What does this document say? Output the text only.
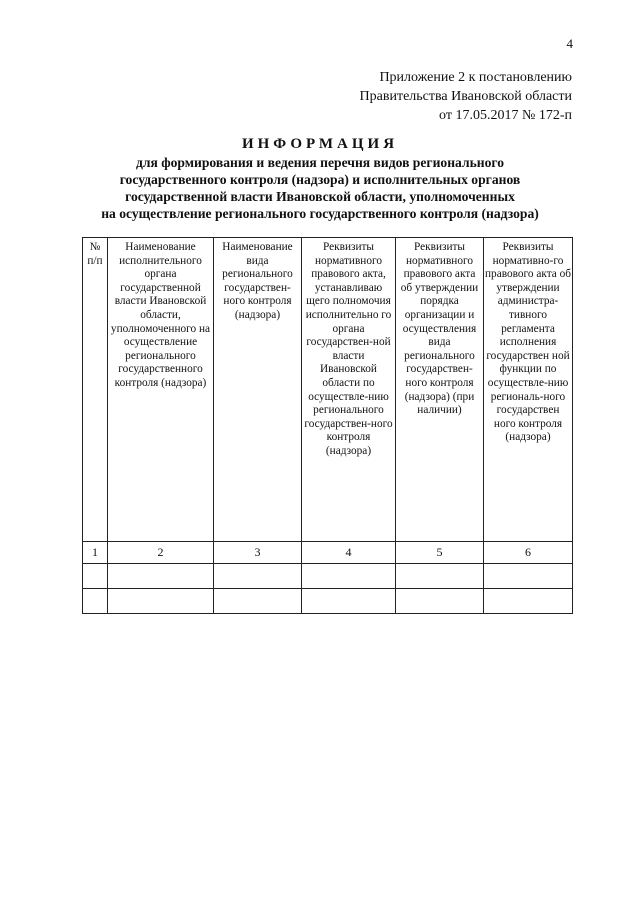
4
Приложение 2 к постановлению
Правительства Ивановской области
от 17.05.2017 № 172-п
ИНФОРМАЦИЯ
для формирования и ведения перечня видов регионального
государственного контроля (надзора) и исполнительных органов
государственной власти Ивановской области, уполномоченных
на осуществление регионального государственного контроля (надзора)
№ п/п	Наименование исполнительного органа государственной власти Ивановской области, уполномоченного на осуществление регионального государственного контроля (надзора)	Наименование вида регионального государствен-ного контроля (надзора)	Реквизиты нормативного правового акта, устанавливаю щего полномочия исполнительно го органа государствен-ной власти Ивановской области по осуществле-нию регионального государствен-ного контроля (надзора)	Реквизиты нормативного правового акта об утверждении порядка организации и осуществления вида регионального государствен-ного контроля (надзора) (при наличии)	Реквизиты нормативно-го правового акта об утверждении администра-тивного регламента исполнения государствен ной функции по осуществле-нию региональ-ного государствен ного контроля (надзора)
1	2	3	4	5	6
